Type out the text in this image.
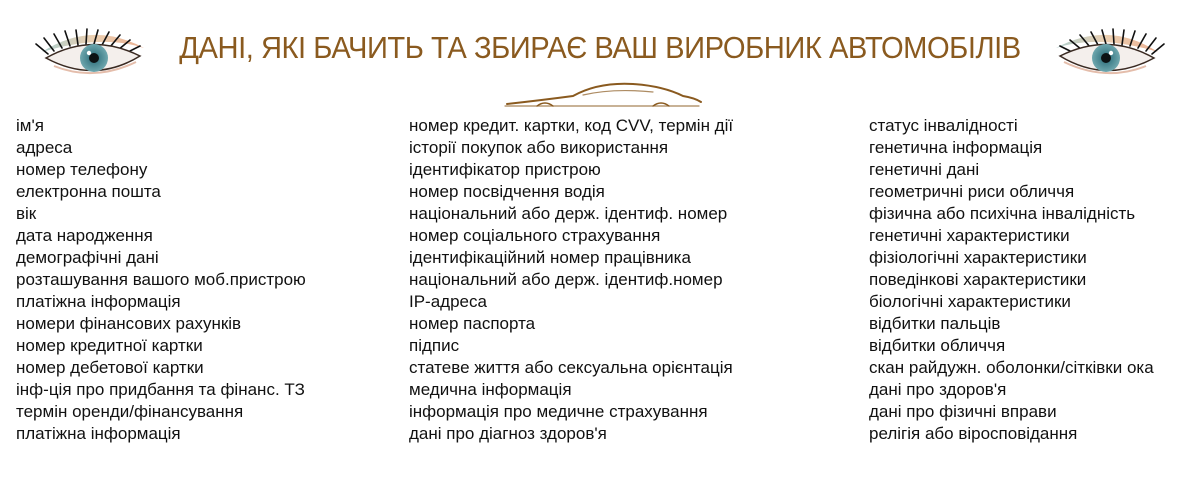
ДАНІ, ЯКІ БАЧИТЬ ТА ЗБИРАЄ ВАШ ВИРОБНИК АВТОМОБІЛІВ
ім'я
адреса
номер телефону
електронна пошта
вік
дата народження
демографічні дані
розташування вашого моб.пристрою
платіжна інформація
номери фінансових рахунків
номер кредитної картки
номер дебетової картки
інф-ція про придбання та фінанс. ТЗ
термін оренди/фінансування
платіжна інформація
номер кредит. картки, код CVV, термін дії
історії покупок або використання
ідентифікатор пристрою
номер посвідчення водія
національний або держ. ідентиф. номер
номер соціального страхування
ідентифікаційний номер працівника
національний або держ. ідентиф.номер
IP-адреса
номер паспорта
підпис
статеве життя або сексуальна орієнтація
медична інформація
інформація про медичне страхування
дані про діагноз здоров'я
статус інвалідності
генетична інформація
генетичні дані
геометричні риси обличчя
фізична або психічна інвалідність
генетичні характеристики
фізіологічні характеристики
поведінкові характеристики
біологічні характеристики
відбитки пальців
відбитки обличчя
скан райдужн. оболонки/сітківки ока
дані про здоров'я
дані про фізичні вправи
релігія або віросповідання
